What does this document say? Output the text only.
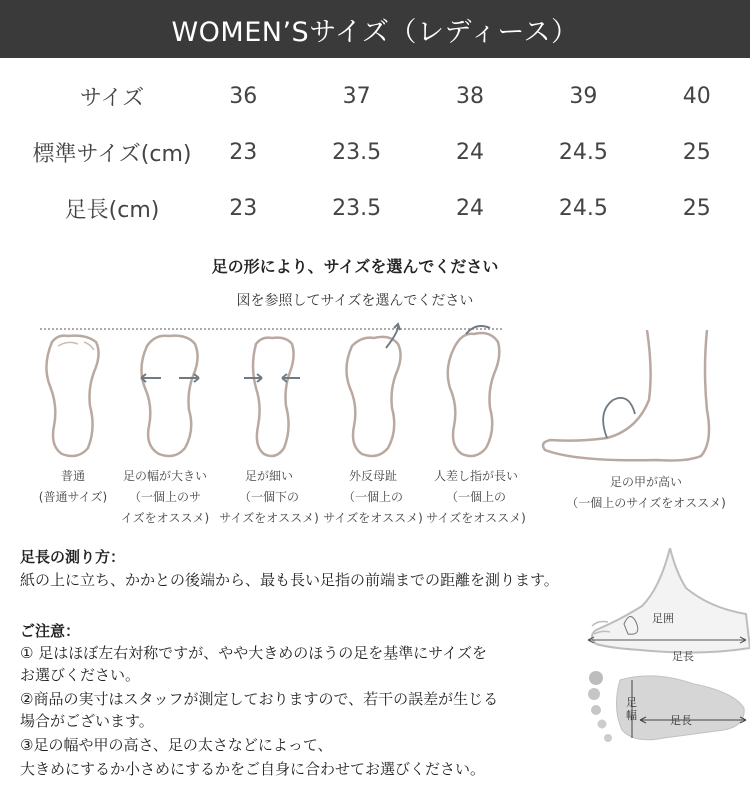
WOMEN’Sサイズ（レディース）
サイズ	36	37	38	39	40
標準サイズ(cm)	23	23.5	24	24.5	25
足長(cm)	23	23.5	24	24.5	25
足の形により、サイズを選んでください
図を参照してサイズを選んでください
普通
(普通サイズ)
足の幅が大きい
（一個上のサ
イズをオススメ)
足が細い
（一個下の
サイズをオススメ)
外反母趾
（一個上の
サイズをオススメ)
人差し指が長い
（一個上の
サイズをオススメ)
足の甲が高い
（一個上のサイズをオススメ)
足長の測り方：
紙の上に立ち、かかとの後端から、最も長い足指の前端までの距離を測ります。
ご注意：
① 足はほぼ左右対称ですが、やや大きめのほうの足を基準にサイズを
お選びください。
②商品の実寸はスタッフが測定しておりますので、若干の誤差が生じる
場合がございます。
③足の幅や甲の高さ、足の太さなどによって、
大きめにするか小さめにするかをご自身に合わせてお選びください。
足囲
足長
足
幅	足長
